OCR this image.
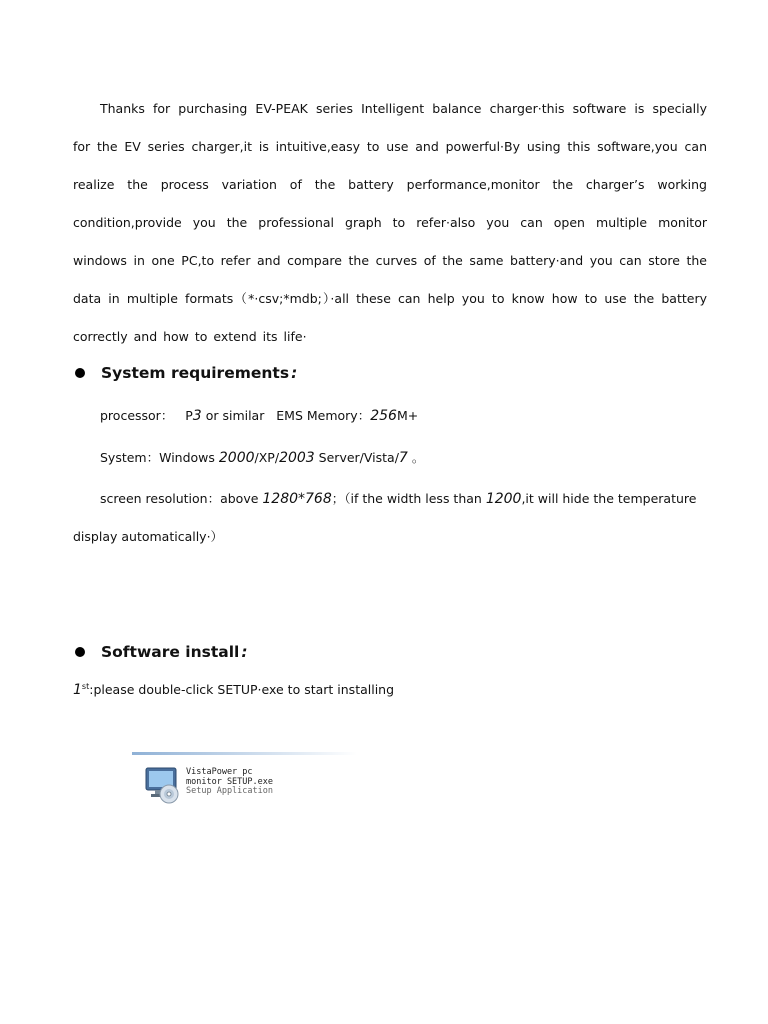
Thanks for purchasing EV-PEAK series Intelligent balance charger·this software is specially for the EV series charger,it is intuitive,easy to use and powerful·By using this software,you can realize the process variation of the battery performance,monitor the charger’s working condition,provide you the professional graph to refer·also you can open multiple monitor windows in one PC,to refer and compare the curves of the same battery·and you can store the data in multiple formats（*·csv;*mdb;）·all these can help you to know how to use the battery correctly and how to extend its life·
System requirements :
processor： P3 or similar EMS Memory：256M+
System：Windows 2000/XP/2003 Server/Vista/7 。
screen resolution：above 1280*768；（if the width less than 1200,it will hide the temperature
display automatically·）
Software install :
1st:please double-click SETUP·exe to start installing
VistaPower pc
monitor SETUP.exe
Setup Application
